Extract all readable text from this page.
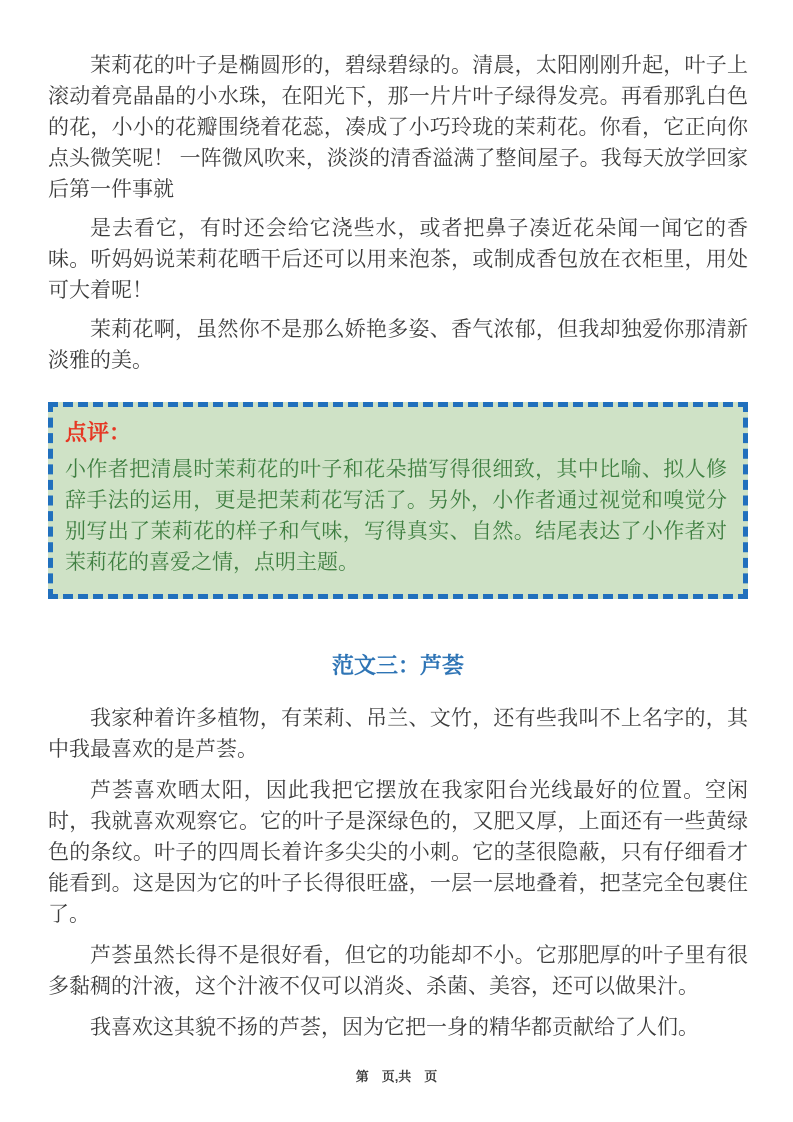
茉莉花的叶子是椭圆形的，碧绿碧绿的。清晨，太阳刚刚升起，叶子上滚动着亮晶晶的小水珠，在阳光下，那一片片叶子绿得发亮。再看那乳白色的花，小小的花瓣围绕着花蕊，凑成了小巧玲珑的茉莉花。你看，它正向你点头微笑呢！ 一阵微风吹来，淡淡的清香溢满了整间屋子。我每天放学回家后第一件事就

是去看它，有时还会给它浇些水，或者把鼻子凑近花朵闻一闻它的香味。听妈妈说茉莉花晒干后还可以用来泡茶，或制成香包放在衣柜里，用处可大着呢！

茉莉花啊，虽然你不是那么娇艳多姿、香气浓郁，但我却独爱你那清新淡雅的美。

点评：
小作者把清晨时茉莉花的叶子和花朵描写得很细致，其中比喻、拟人修辞手法的运用，更是把茉莉花写活了。另外，小作者通过视觉和嗅觉分别写出了茉莉花的样子和气味，写得真实、自然。结尾表达了小作者对茉莉花的喜爱之情，点明主题。
范文三：芦荟

我家种着许多植物，有茉莉、吊兰、文竹，还有些我叫不上名字的，其中我最喜欢的是芦荟。

芦荟喜欢晒太阳，因此我把它摆放在我家阳台光线最好的位置。空闲时，我就喜欢观察它。它的叶子是深绿色的，又肥又厚，上面还有一些黄绿色的条纹。叶子的四周长着许多尖尖的小刺。它的茎很隐蔽，只有仔细看才能看到。这是因为它的叶子长得很旺盛，一层一层地叠着，把茎完全包裹住了。

芦荟虽然长得不是很好看，但它的功能却不小。它那肥厚的叶子里有很多黏稠的汁液，这个汁液不仅可以消炎、杀菌、美容，还可以做果汁。

我喜欢这其貌不扬的芦荟，因为它把一身的精华都贡献给了人们。

第　页,共　页
